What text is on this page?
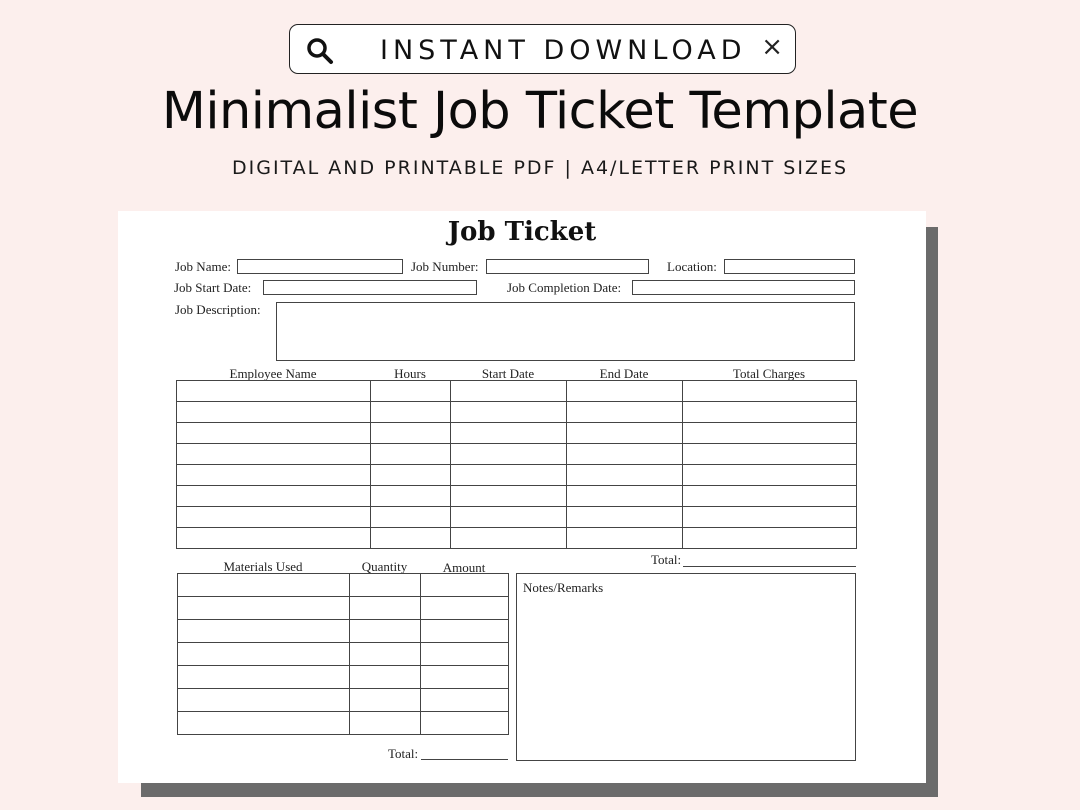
INSTANT DOWNLOAD ×
Minimalist Job Ticket Template
DIGITAL AND PRINTABLE PDF | A4/LETTER PRINT SIZES
Job Ticket
Job Name:	Job Number:	Location:
Job Start Date:	Job Completion Date:
Job Description:
Employee Name	Hours	Start Date	End Date	Total Charges

Total:
Materials Used	Quantity	Amount

Total:
Notes/Remarks
